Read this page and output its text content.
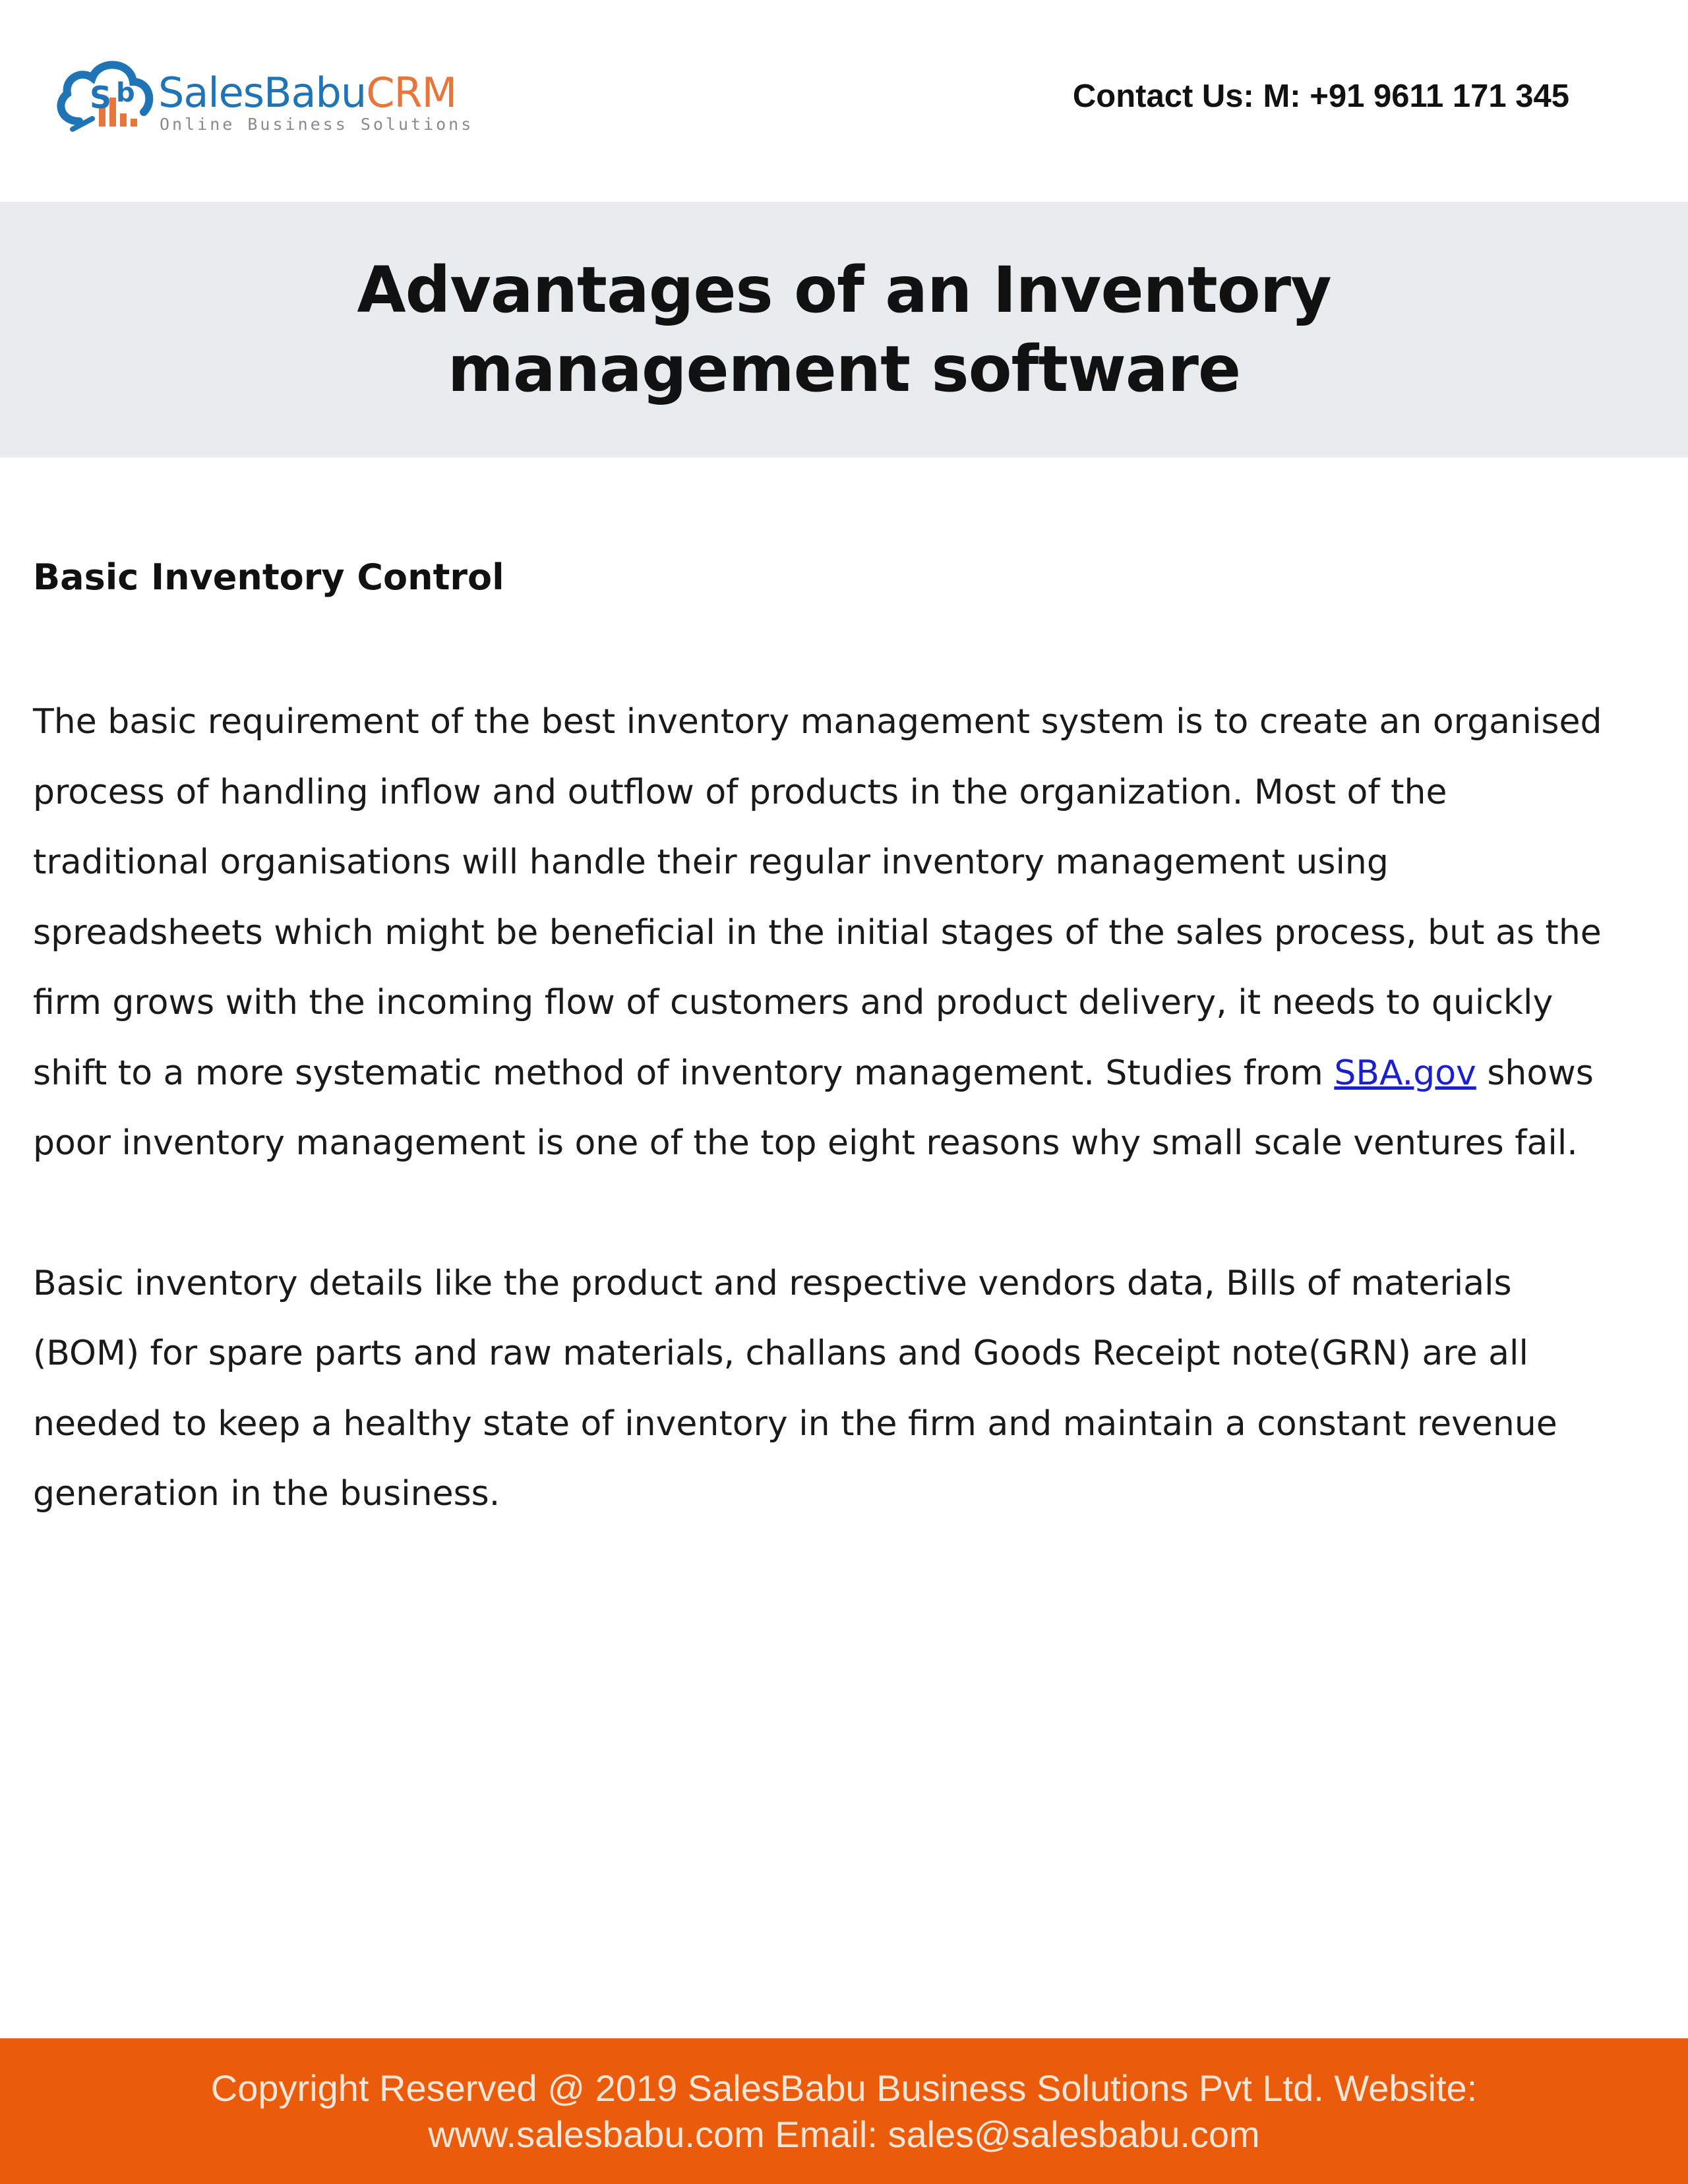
S b SalesBabuCRM
Online Business Solutions
Contact Us: M: +91 9611 171 345
Advantages of an Inventory management software
Basic Inventory Control

The basic requirement of the best inventory management system is to create an organised process of handling inflow and outflow of products in the organization. Most of the traditional organisations will handle their regular inventory management using spreadsheets which might be beneficial in the initial stages of the sales process, but as the firm grows with the incoming flow of customers and product delivery, it needs to quickly shift to a more systematic method of inventory management. Studies from SBA.gov shows poor inventory management is one of the top eight reasons why small scale ventures fail.

Basic inventory details like the product and respective vendors data, Bills of materials (BOM) for spare parts and raw materials, challans and Goods Receipt note(GRN) are all needed to keep a healthy state of inventory in the firm and maintain a constant revenue generation in the business.

Copyright Reserved @ 2019 SalesBabu Business Solutions Pvt Ltd. Website: www.salesbabu.com Email: sales@salesbabu.com
